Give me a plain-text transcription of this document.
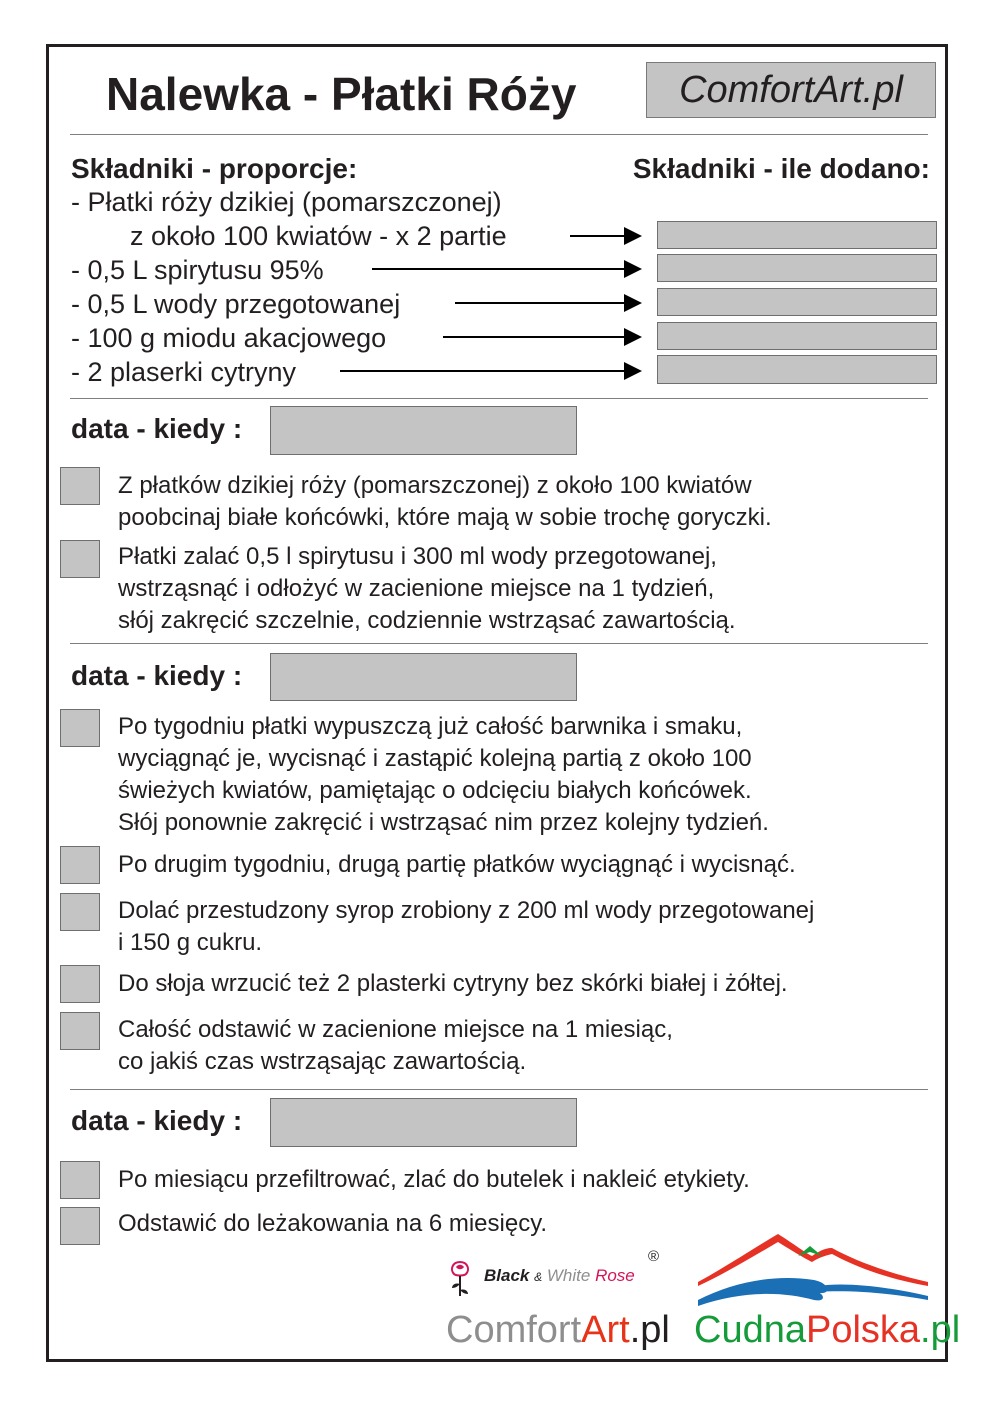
Nalewka - Płatki Róży	ComfortArt.pl
Składniki - proporcje:	Składniki - ile dodano:
- Płatki róży dzikiej (pomarszczonej)
z około 100 kwiatów - x 2 partie
- 0,5 L spirytusu 95%
- 0,5 L wody przegotowanej
- 100 g miodu akacjowego
- 2 plaserki cytryny
data - kiedy :
Z płatków dzikiej róży (pomarszczonej) z około 100 kwiatów
poobcinaj białe końcówki, które mają w sobie trochę goryczki.
Płatki zalać 0,5 l spirytusu i 300 ml wody przegotowanej,
wstrząsnąć i odłożyć w zacienione miejsce na 1 tydzień,
słój zakręcić szczelnie, codziennie wstrząsać zawartością.
data - kiedy :
Po tygodniu płatki wypuszczą już całość barwnika i smaku,
wyciągnąć je, wycisnąć i zastąpić kolejną partią z około 100
świeżych kwiatów, pamiętając o odcięciu białych końcówek.
Słój ponownie zakręcić i wstrząsać nim przez kolejny tydzień.
Po drugim tygodniu, drugą partię płatków wyciągnąć i wycisnąć.
Dolać przestudzony syrop zrobiony z 200 ml wody przegotowanej
i 150 g cukru.
Do słoja wrzucić też 2 plasterki cytryny bez skórki białej i żółtej.
Całość odstawić w zacienione miejsce na 1 miesiąc,
co jakiś czas wstrząsając zawartością.
data - kiedy :
Po miesiącu przefiltrować, zlać do butelek i nakleić etykiety.
Odstawić do leżakowania na 6 miesięcy.
Black & White Rose
®
ComfortArt.pl CudnaPolska.pl
